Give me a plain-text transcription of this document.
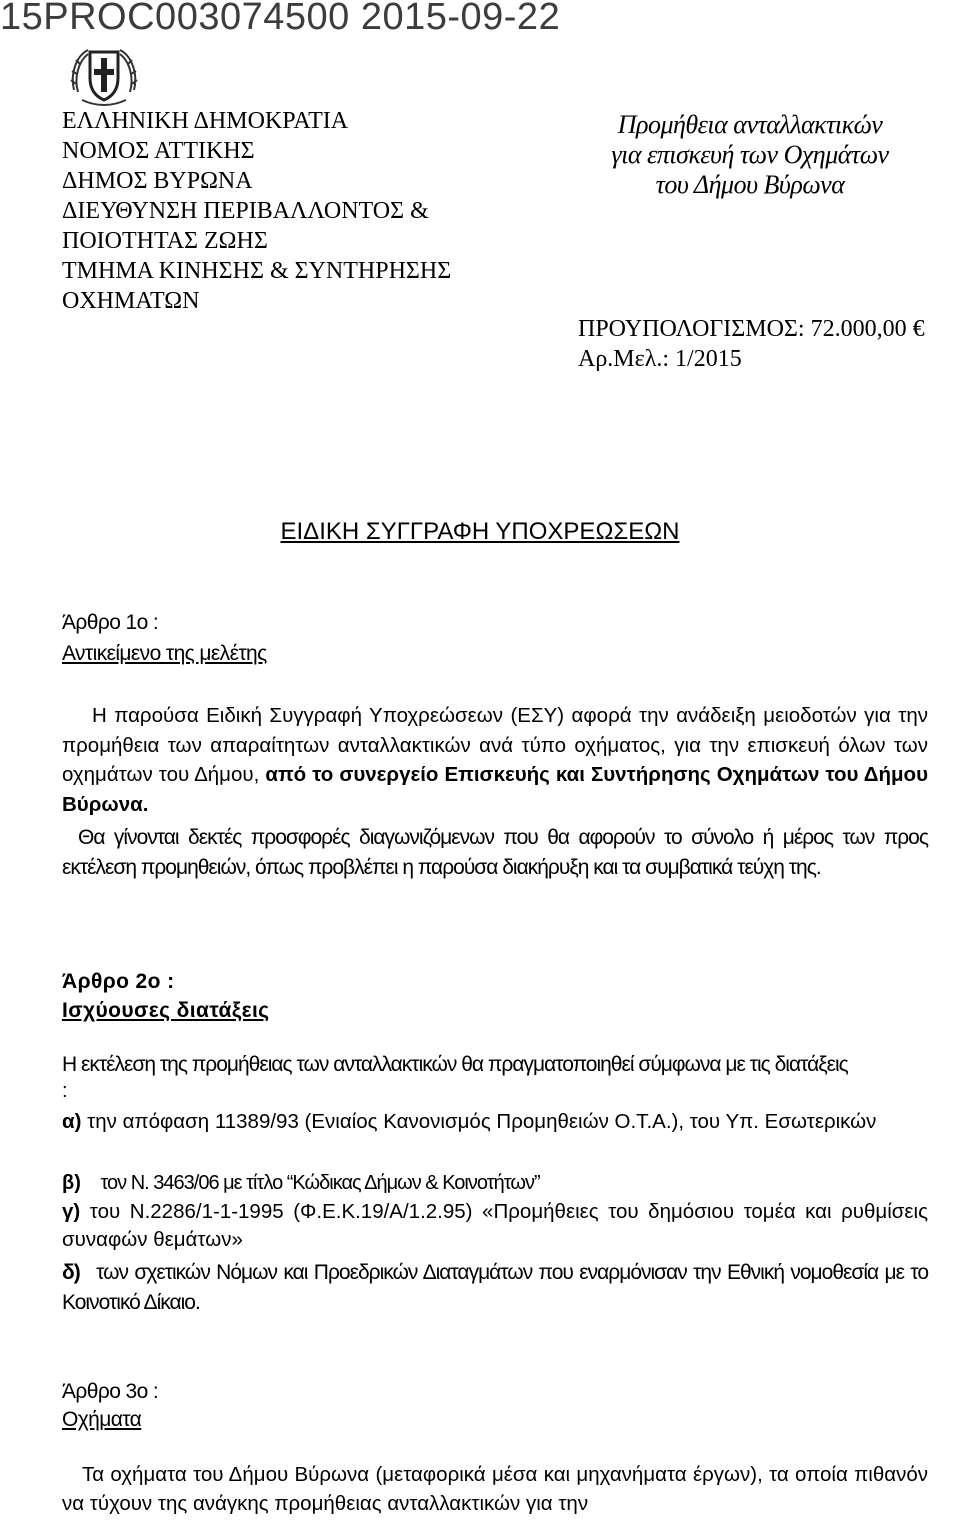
15PROC003074500 2015-09-22
ΕΛΛΗΝΙΚΗ ΔΗΜΟΚΡΑΤΙΑ
ΝΟΜΟΣ ΑΤΤΙΚΗΣ
ΔΗΜΟΣ ΒΥΡΩΝΑ
ΔΙΕΥΘΥΝΣΗ ΠΕΡΙΒΑΛΛΟΝΤΟΣ &
ΠΟΙΟΤΗΤΑΣ ΖΩΗΣ
ΤΜΗΜΑ ΚΙΝΗΣΗΣ & ΣΥΝΤΗΡΗΣΗΣ
ΟΧΗΜΑΤΩΝ
Προμήθεια ανταλλακτικών
για επισκευή των Οχημάτων
του Δήμου Βύρωνα
ΠΡΟΥΠΟΛΟΓΙΣΜΟΣ: 72.000,00 €
Αρ.Μελ.: 1/2015
ΕΙΔΙΚΗ ΣΥΓΓΡΑΦΗ ΥΠΟΧΡΕΩΣΕΩΝ
Άρθρο 1ο :
Αντικείμενο της μελέτης
Η παρούσα Ειδική Συγγραφή Υποχρεώσεων (ΕΣΥ) αφορά την ανάδειξη μειοδοτών για την προμήθεια των απαραίτητων ανταλλακτικών ανά τύπο οχήματος, για την επισκευή όλων των οχημάτων του Δήμου, από το συνεργείο Επισκευής και Συντήρησης Οχημάτων του Δήμου Βύρωνα.
Θα γίνονται δεκτές προσφορές διαγωνιζόμενων που θα αφορούν το σύνολο ή μέρος των προς εκτέλεση προμηθειών, όπως προβλέπει η παρούσα διακήρυξη και τα συμβατικά τεύχη της.
Άρθρο 2ο :
Ισχύουσες διατάξεις
Η εκτέλεση της προμήθειας των ανταλλακτικών θα πραγματοποιηθεί σύμφωνα με τις διατάξεις
:
α) την απόφαση 11389/93 (Ενιαίος Κανονισμός Προμηθειών Ο.Τ.Α.), του Υπ. Εσωτερικών
β) τον Ν. 3463/06 με τίτλο “Κώδικας Δήμων & Κοινοτήτων”
γ) του Ν.2286/1-1-1995 (Φ.Ε.Κ.19/Α/1.2.95) «Προμήθειες του δημόσιου τομέα και ρυθμίσεις συναφών θεμάτων»
δ) των σχετικών Νόμων και Προεδρικών Διαταγμάτων που εναρμόνισαν την Εθνική νομοθεσία με το Κοινοτικό Δίκαιο.
Άρθρο 3ο :
Οχήματα
Τα οχήματα του Δήμου Βύρωνα (μεταφορικά μέσα και μηχανήματα έργων), τα οποία πιθανόν να τύχουν της ανάγκης προμήθειας ανταλλακτικών για την
